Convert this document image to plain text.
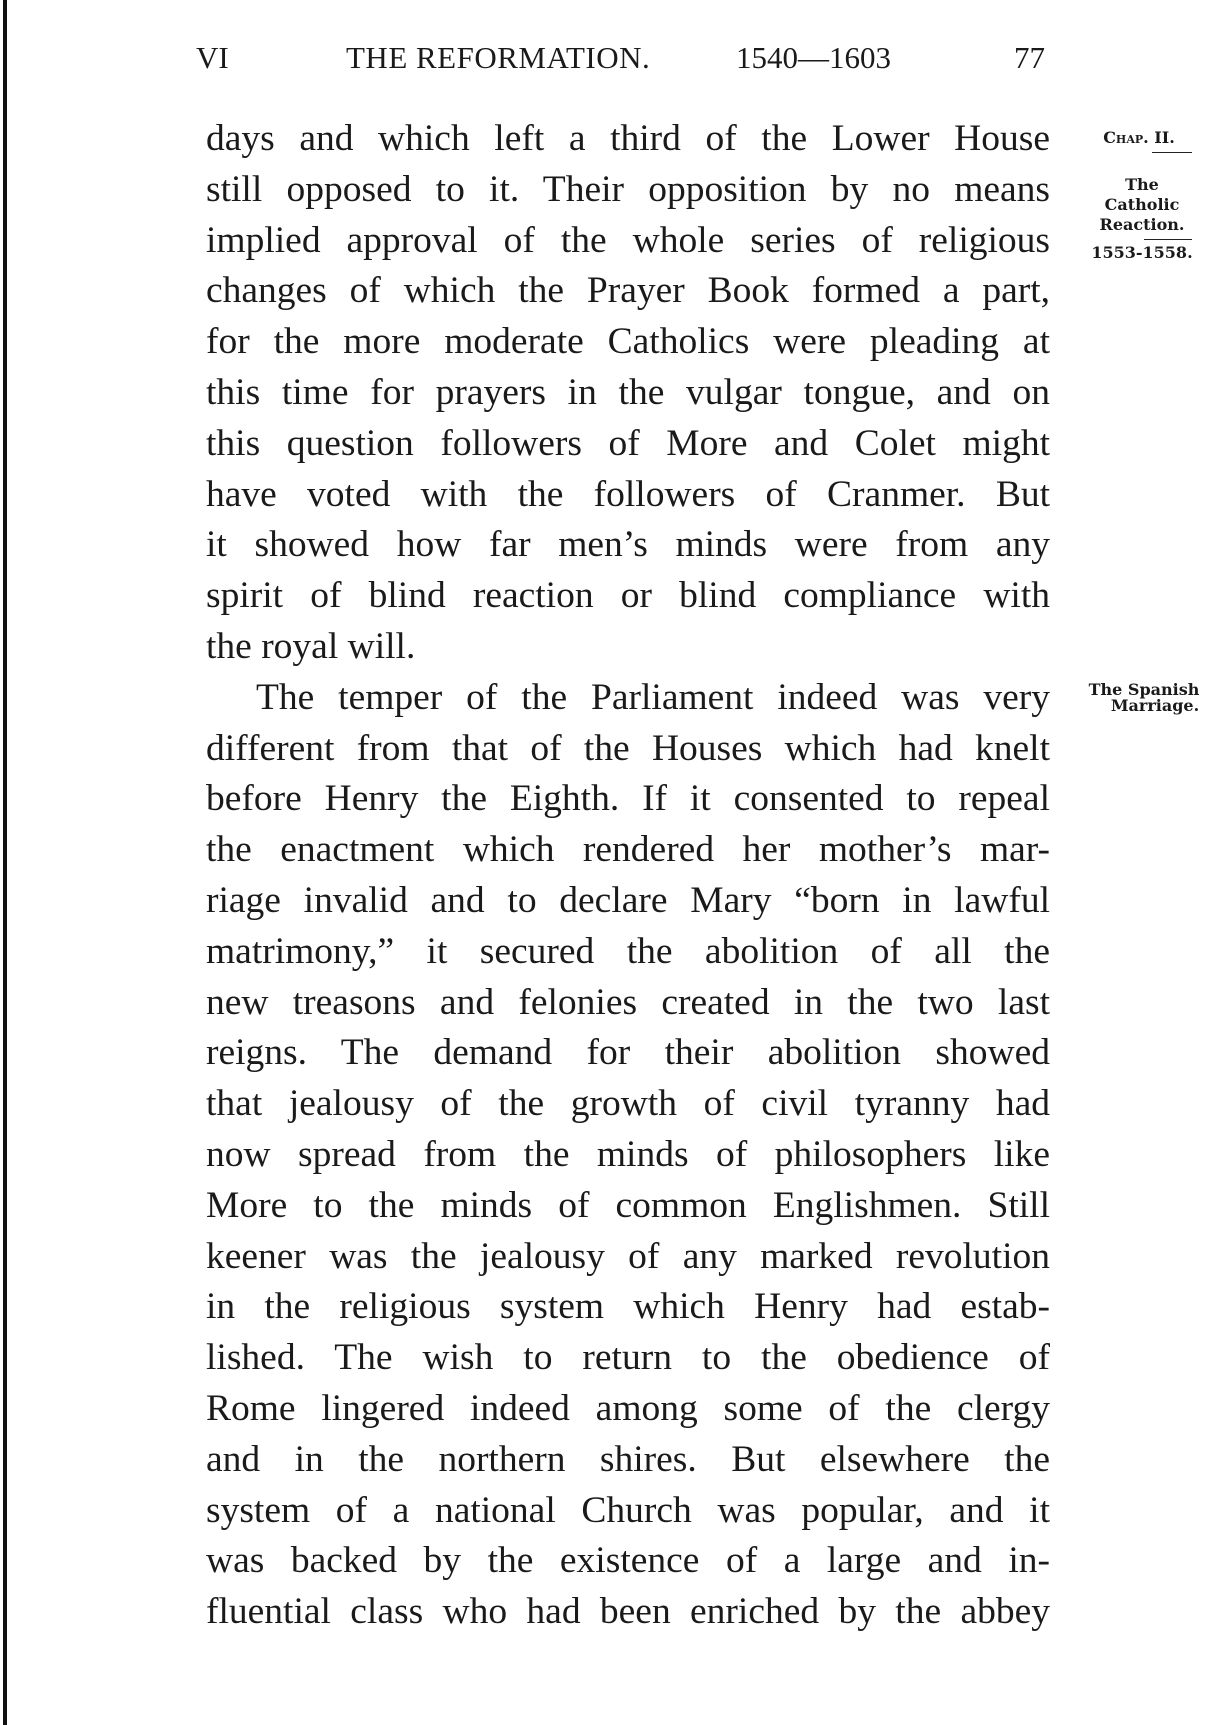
VI	THE REFORMATION.	1540—1603	77
days and which left a third of the Lower House
still opposed to it. Their opposition by no means
implied approval of the whole series of religious
changes of which the Prayer Book formed a part,
for the more moderate Catholics were pleading at
this time for prayers in the vulgar tongue, and on
this question followers of More and Colet might
have voted with the followers of Cranmer. But
it showed how far men’s minds were from any
spirit of blind reaction or blind compliance with
the royal will.
The temper of the Parliament indeed was very
different from that of the Houses which had knelt
before Henry the Eighth. If it consented to repeal
the enactment which rendered her mother’s mar-
riage invalid and to declare Mary “born in lawful
matrimony,” it secured the abolition of all the
new treasons and felonies created in the two last
reigns. The demand for their abolition showed
that jealousy of the growth of civil tyranny had
now spread from the minds of philosophers like
More to the minds of common Englishmen. Still
keener was the jealousy of any marked revolution
in the religious system which Henry had estab-
lished. The wish to return to the obedience of
Rome lingered indeed among some of the clergy
and in the northern shires. But elsewhere the
system of a national Church was popular, and it
was backed by the existence of a large and in-
fluential class who had been enriched by the abbey
Chap. II.
The
Catholic
Reaction.
1553-1558.
The Spanish
Marriage.
